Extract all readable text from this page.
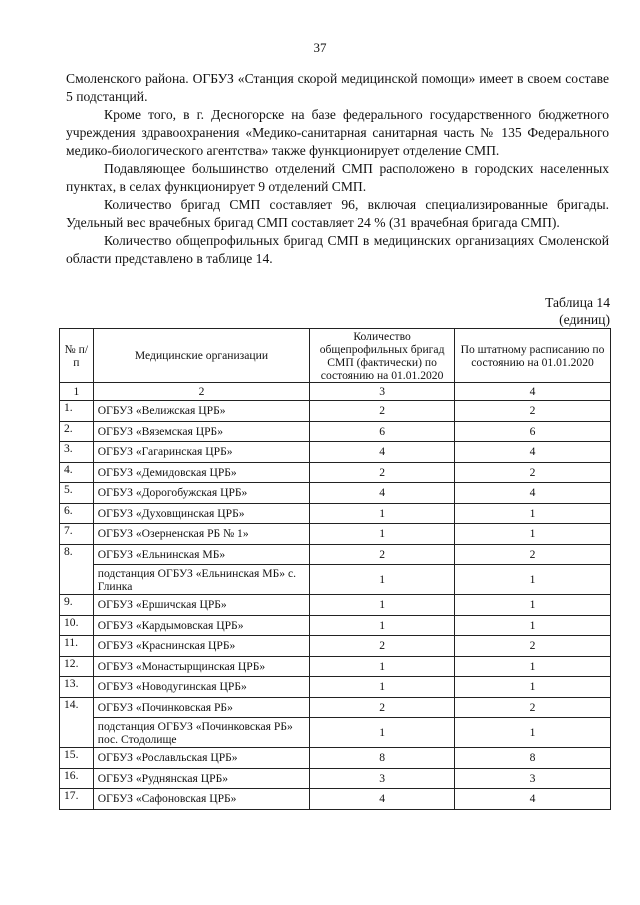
37

Смоленского района. ОГБУЗ «Станция скорой медицинской помощи» имеет в своем составе 5 подстанций.

Кроме того, в г. Десногорске на базе федерального государственного бюджетного учреждения здравоохранения «Медико-санитарная санитарная часть № 135 Федерального медико-биологического агентства» также функционирует отделение СМП.

Подавляющее большинство отделений СМП расположено в городских населенных пунктах, в селах функционирует 9 отделений СМП.

Количество бригад СМП составляет 96, включая специализированные бригады. Удельный вес врачебных бригад СМП составляет 24 % (31 врачебная бригада СМП).

Количество общепрофильных бригад СМП в медицинских организациях Смоленской области представлено в таблице 14.

Таблица 14
(единиц)
№ п/п	Медицинские организации	Количество общепрофильных бригад СМП (фактически) по состоянию на 01.01.2020	По штатному расписанию по состоянию на 01.01.2020
1	2	3	4
1.	ОГБУЗ «Велижская ЦРБ»	2	2
2.	ОГБУЗ «Вяземская ЦРБ»	6	6
3.	ОГБУЗ «Гагаринская ЦРБ»	4	4
4.	ОГБУЗ «Демидовская ЦРБ»	2	2
5.	ОГБУЗ «Дорогобужская ЦРБ»	4	4
6.	ОГБУЗ «Духовщинская ЦРБ»	1	1
7.	ОГБУЗ «Озерненская РБ № 1»	1	1
8.	ОГБУЗ «Ельнинская МБ»	2	2
	подстанция ОГБУЗ «Ельнинская МБ» с. Глинка	1	1
9.	ОГБУЗ «Ершичская ЦРБ»	1	1
10.	ОГБУЗ «Кардымовская ЦРБ»	1	1
11.	ОГБУЗ «Краснинская ЦРБ»	2	2
12.	ОГБУЗ «Монастырщинская ЦРБ»	1	1
13.	ОГБУЗ «Новодугинская ЦРБ»	1	1
14.	ОГБУЗ «Починковская РБ»	2	2
	подстанция ОГБУЗ «Починковская РБ» пос. Стодолище	1	1
15.	ОГБУЗ «Рославльская ЦРБ»	8	8
16.	ОГБУЗ «Руднянская ЦРБ»	3	3
17.	ОГБУЗ «Сафоновская ЦРБ»	4	4
